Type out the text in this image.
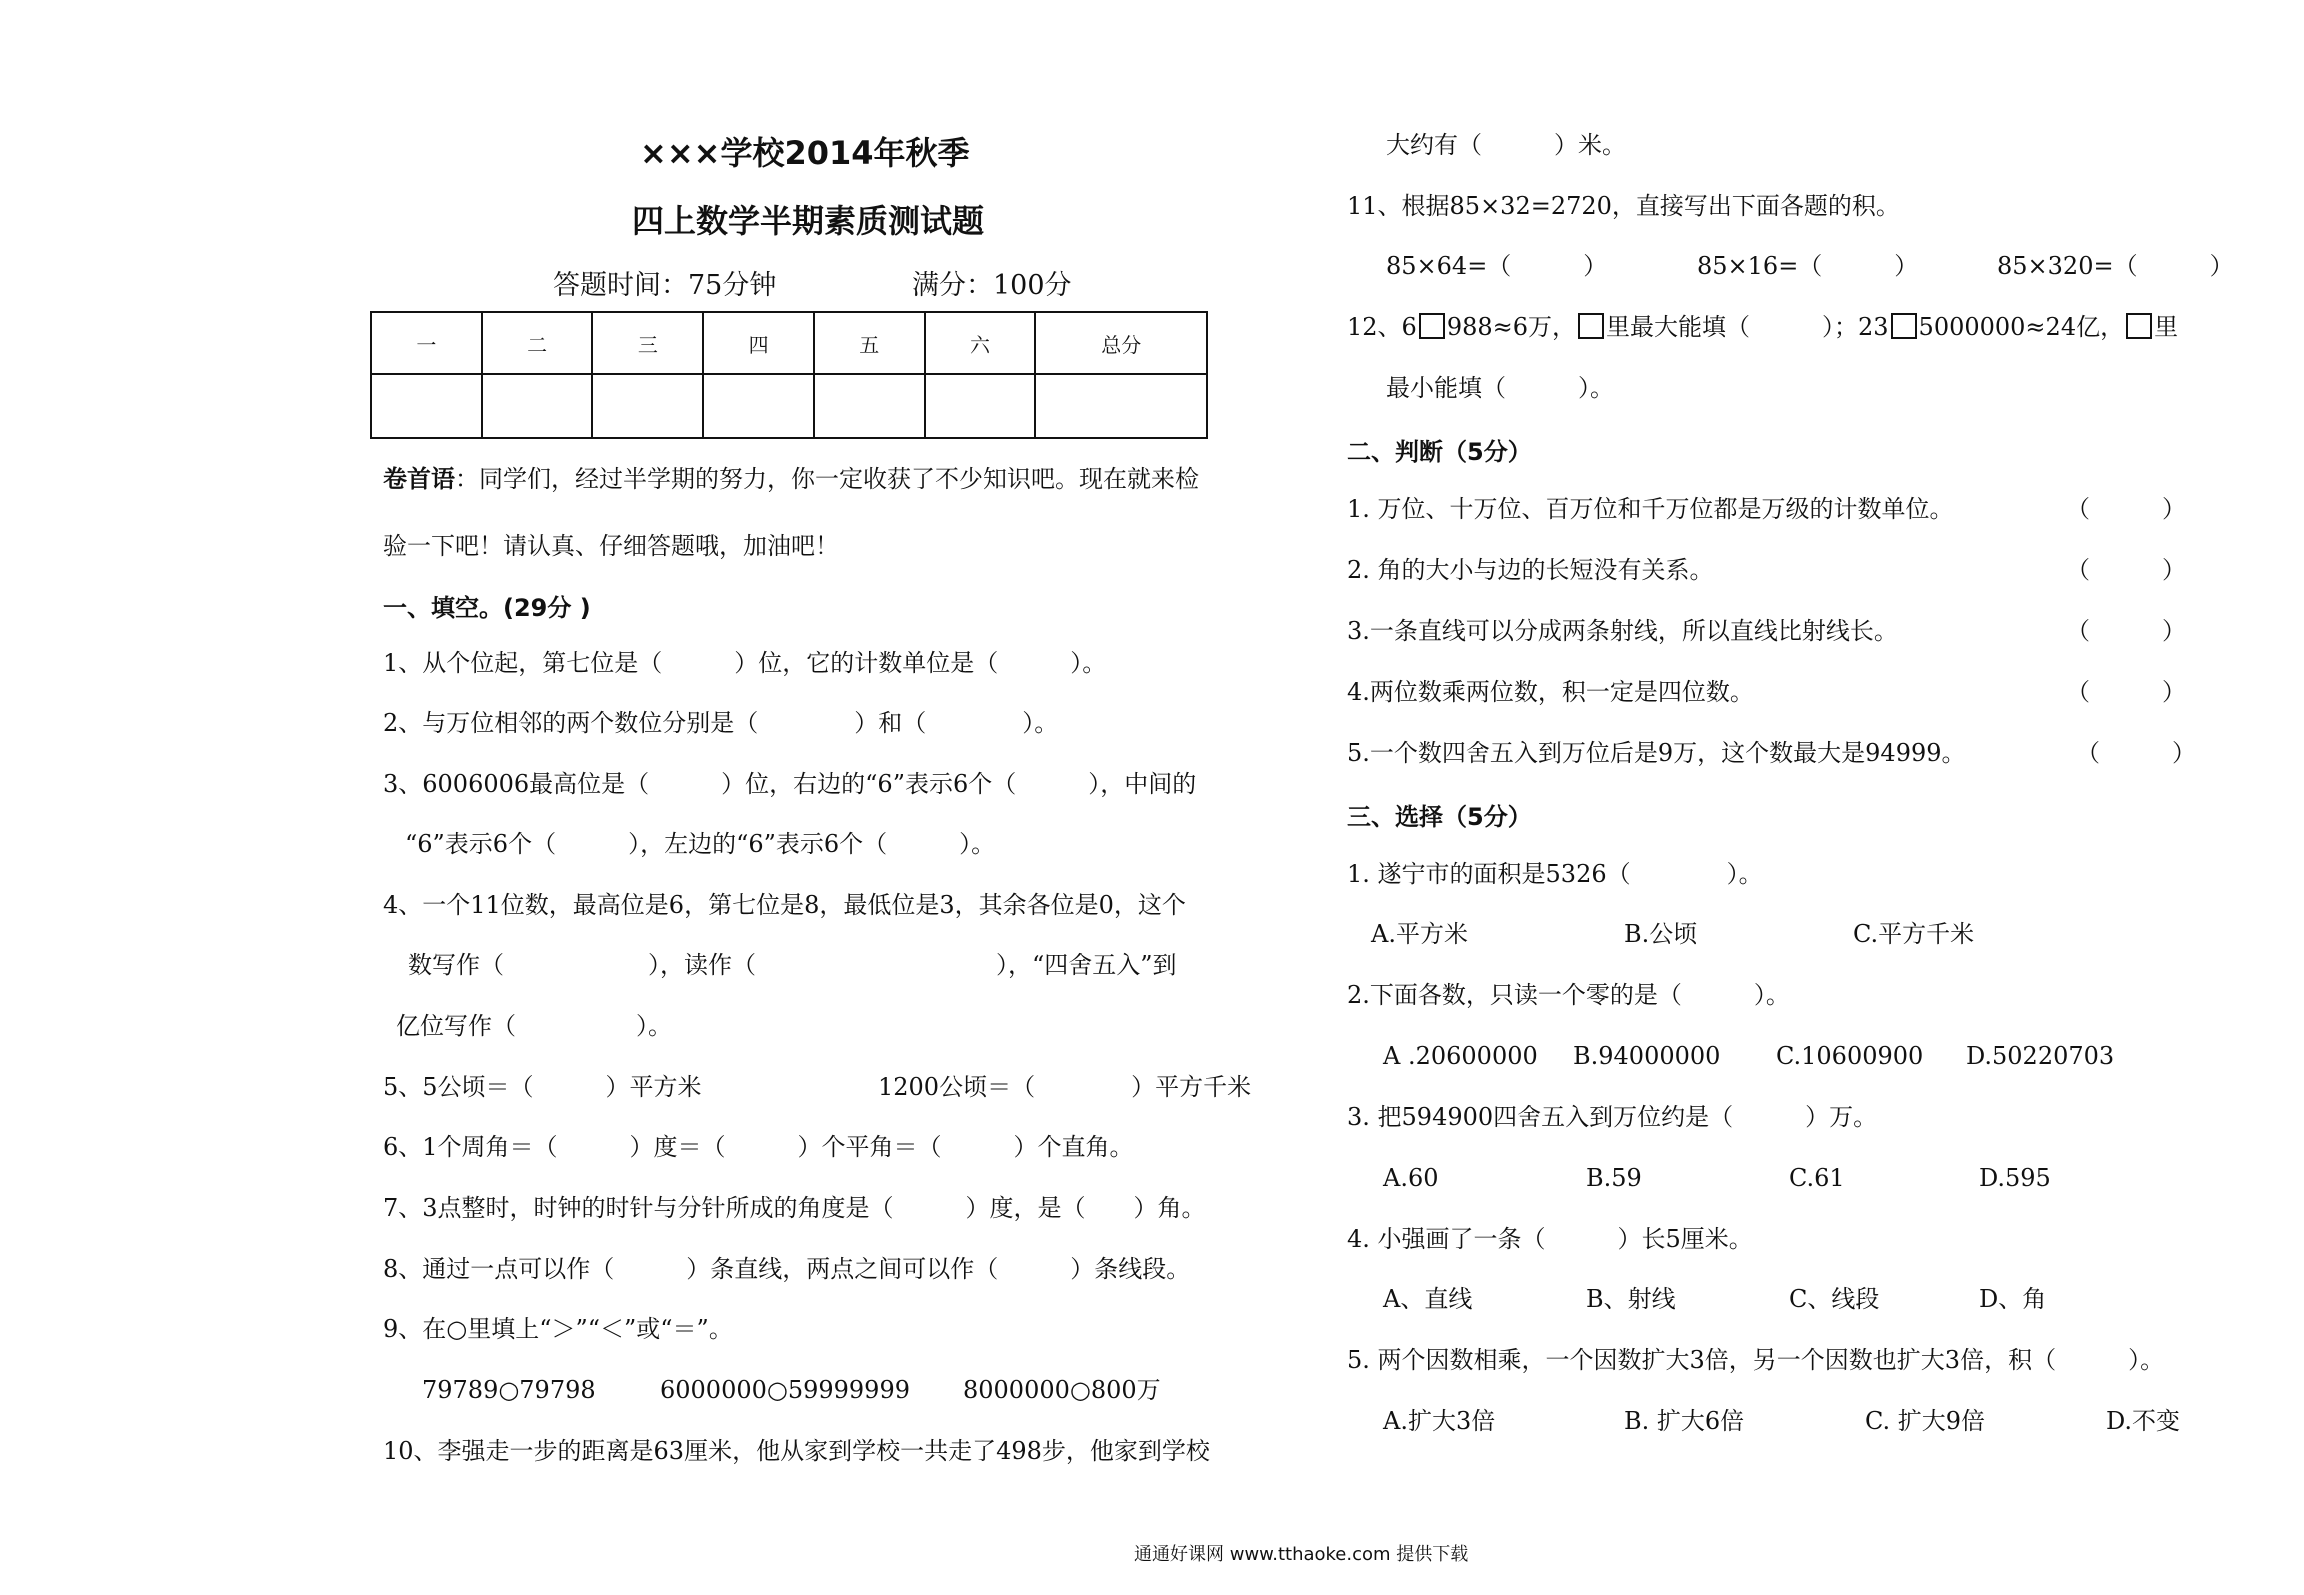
×××学校2014年秋季
四上数学半期素质测试题
答题时间：75分钟	满分：100分
一	二	三	四	五	六	总分

卷首语：同学们，经过半学期的努力，你一定收获了不少知识吧。现在就来检
验一下吧！请认真、仔细答题哦，加油吧！
一、填空。(29分 )
1、从个位起，第七位是（　　　）位，它的计数单位是（　　　）。
2、与万位相邻的两个数位分别是（　　　　）和（　　　　）。
3、6006006最高位是（　　　）位，右边的“6”表示6个（　　　），中间的
“6”表示6个（　　　），左边的“6”表示6个（　　　）。
4、一个11位数，最高位是6，第七位是8，最低位是3，其余各位是0，这个
数写作（　　　　　　），读作（　　　　　　　　　　），“四舍五入”到
亿位写作（　　　　　）。
5、5公顷＝（　　　）平方米	1200公顷＝（　　　　）平方千米
6、1个周角＝（　　　）度＝（　　　）个平角＝（　　　）个直角。
7、3点整时，时钟的时针与分针所成的角度是（　　　）度，是（　　）角。
8、通过一点可以作（　　　）条直线，两点之间可以作（　　　）条线段。
9、在○里填上“＞”“＜”或“＝”。
79789○79798	6000000○59999999 8000000○800万
10、李强走一步的距离是63厘米，他从家到学校一共走了498步，他家到学校
大约有（　　　）米。
11、根据85×32=2720，直接写出下面各题的积。
85×64=（　　　）	85×16=（　　　）	85×320=（　　　）
12、6 988≈6万， 里最大能填（　　　）；23 5000000≈24亿， 里
最小能填（　　　）。
二、判断（5分）
1. 万位、十万位、百万位和千万位都是万级的计数单位。	（　　　）
2. 角的大小与边的长短没有关系。	（　　　）
3.一条直线可以分成两条射线，所以直线比射线长。	（　　　）
4.两位数乘两位数，积一定是四位数。	（　　　）
5.一个数四舍五入到万位后是9万，这个数最大是94999。	（　　　）
三、选择（5分）
1. 遂宁市的面积是5326（　　　　）。
A.平方米	B.公顷	C.平方千米
2.下面各数，只读一个零的是（　　　）。
A .20600000 B.94000000 C.10600900 D.50220703
3. 把594900四舍五入到万位约是（　　　）万。
A.60	B.59	C.61	D.595
4. 小强画了一条（　　　）长5厘米。
A、直线	B、射线	C、线段	D、角
5. 两个因数相乘，一个因数扩大3倍，另一个因数也扩大3倍，积（　　　）。
A.扩大3倍	B. 扩大6倍	C. 扩大9倍	D.不变
通通好课网 www.tthaoke.com 提供下载
